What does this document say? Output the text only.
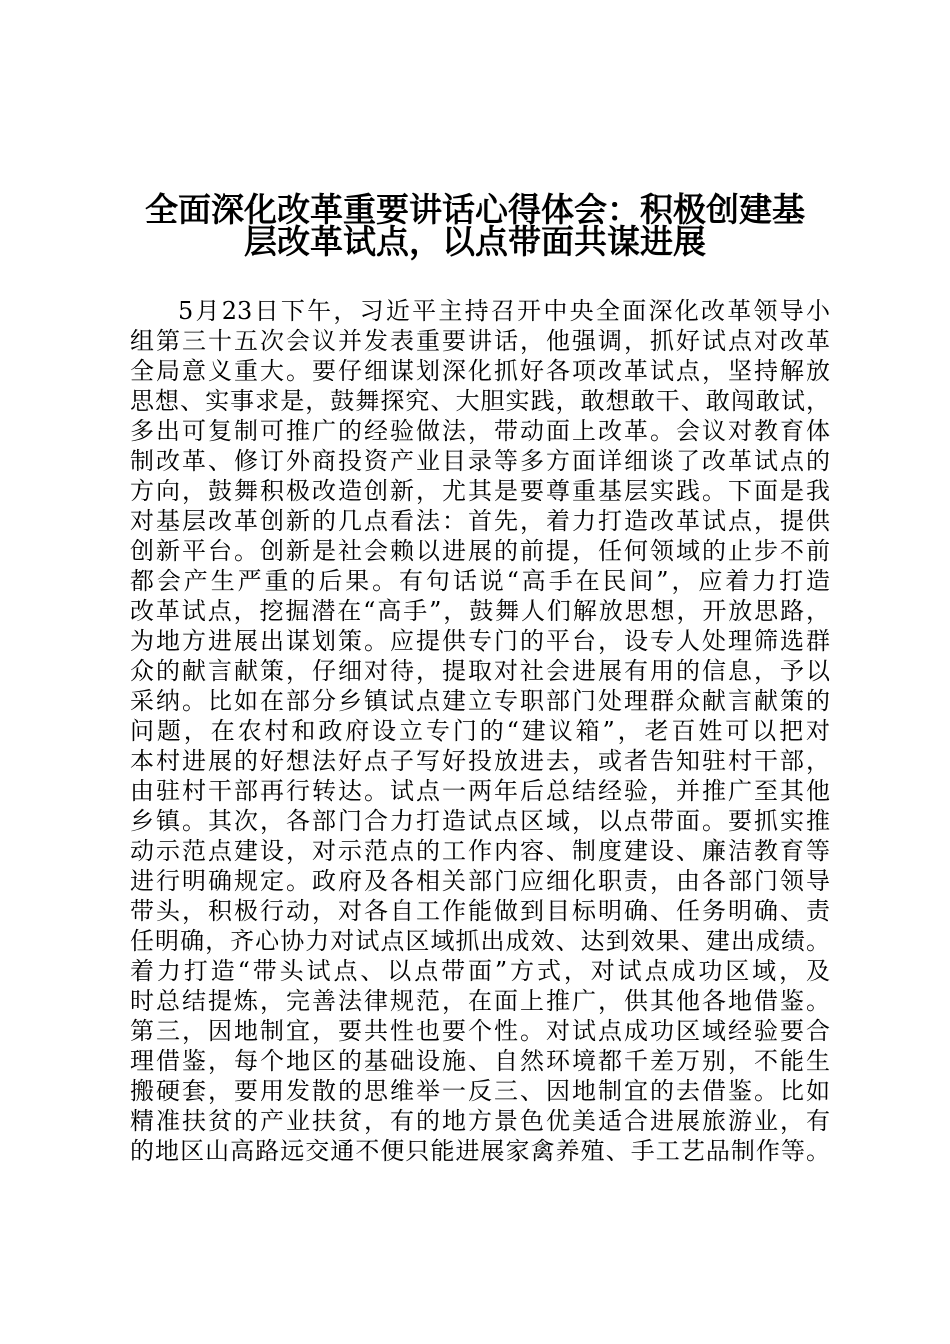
全面深化改革重要讲话心得体会：积极创建基
层改革试点，以点带面共谋进展
5月23日下午，习近平主持召开中央全面深化改革领导小
组第三十五次会议并发表重要讲话，他强调，抓好试点对改革
全局意义重大。要仔细谋划深化抓好各项改革试点，坚持解放
思想、实事求是，鼓舞探究、大胆实践，敢想敢干、敢闯敢试，
多出可复制可推广的经验做法，带动面上改革。会议对教育体
制改革、修订外商投资产业目录等多方面详细谈了改革试点的
方向，鼓舞积极改造创新，尤其是要尊重基层实践。下面是我
对基层改革创新的几点看法：首先，着力打造改革试点，提供
创新平台。创新是社会赖以进展的前提，任何领域的止步不前
都会产生严重的后果。有句话说“高手在民间”，应着力打造
改革试点，挖掘潜在“高手”，鼓舞人们解放思想，开放思路，
为地方进展出谋划策。应提供专门的平台，设专人处理筛选群
众的献言献策，仔细对待，提取对社会进展有用的信息，予以
采纳。比如在部分乡镇试点建立专职部门处理群众献言献策的
问题，在农村和政府设立专门的“建议箱”，老百姓可以把对
本村进展的好想法好点子写好投放进去，或者告知驻村干部，
由驻村干部再行转达。试点一两年后总结经验，并推广至其他
乡镇。其次，各部门合力打造试点区域，以点带面。要抓实推
动示范点建设，对示范点的工作内容、制度建设、廉洁教育等
进行明确规定。政府及各相关部门应细化职责，由各部门领导
带头，积极行动，对各自工作能做到目标明确、任务明确、责
任明确，齐心协力对试点区域抓出成效、达到效果、建出成绩。
着力打造“带头试点、以点带面”方式，对试点成功区域，及
时总结提炼，完善法律规范，在面上推广，供其他各地借鉴。
第三，因地制宜，要共性也要个性。对试点成功区域经验要合
理借鉴，每个地区的基础设施、自然环境都千差万别，不能生
搬硬套，要用发散的思维举一反三、因地制宜的去借鉴。比如
精准扶贫的产业扶贫，有的地方景色优美适合进展旅游业，有
的地区山高路远交通不便只能进展家禽养殖、手工艺品制作等。
